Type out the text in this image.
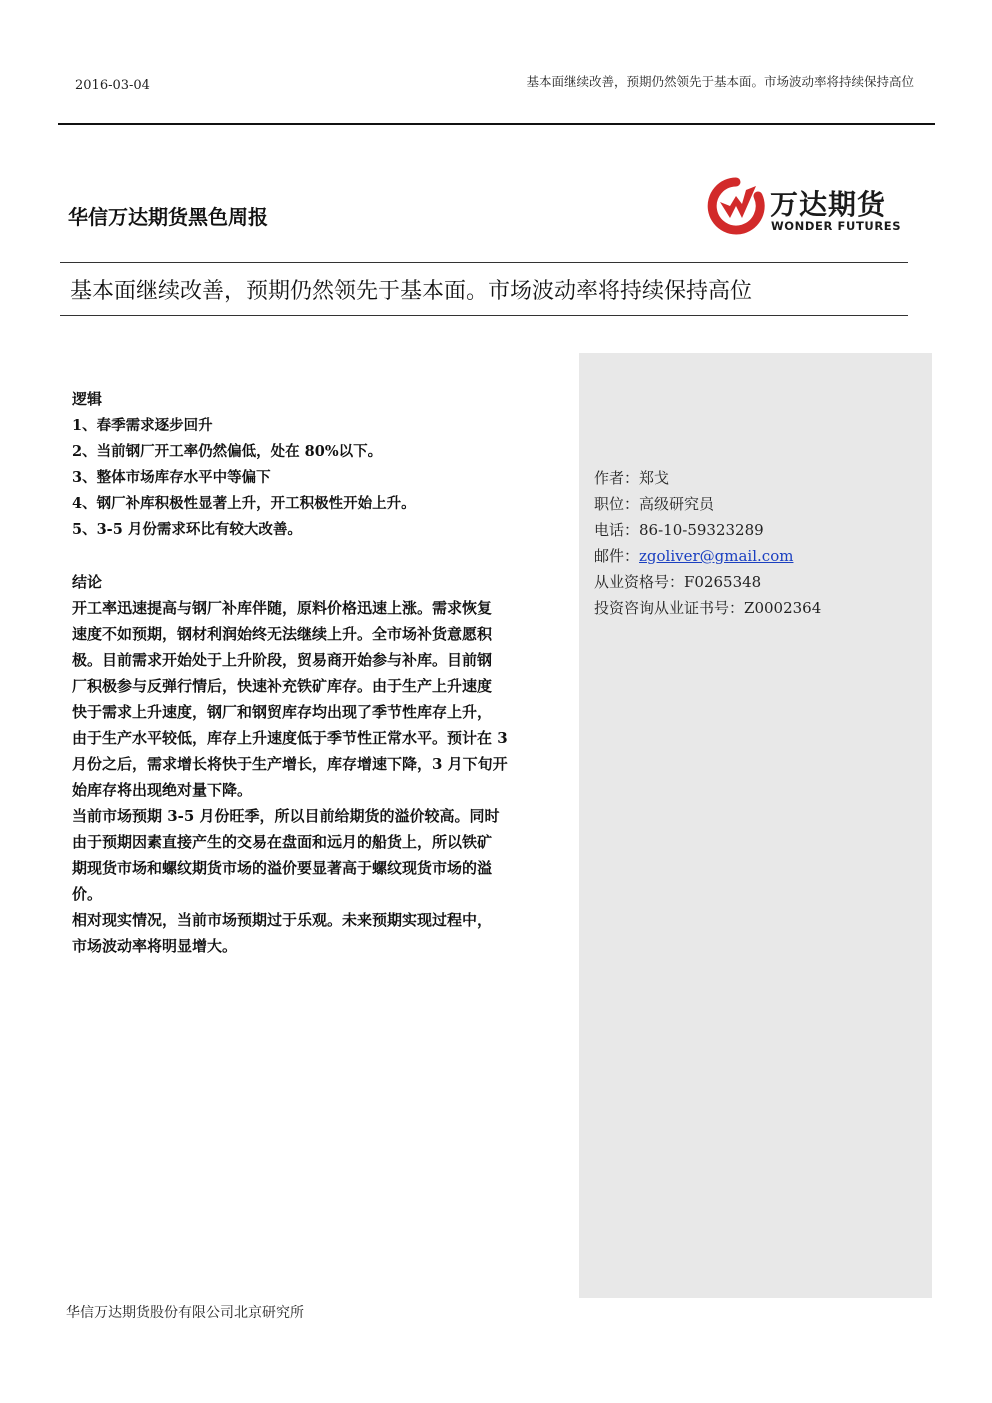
2016-03-04	基本面继续改善，预期仍然领先于基本面。市场波动率将持续保持高位
华信万达期货黑色周报	万达期货
WONDER FUTURES
基本面继续改善，预期仍然领先于基本面。市场波动率将持续保持高位
作者：郑戈
职位：高级研究员
电话：86-10-59323289
邮件：zgoliver@gmail.com
从业资格号：F0265348
投资咨询从业证书号：Z0002364
逻辑
1、春季需求逐步回升
2、当前钢厂开工率仍然偏低，处在 80%以下。
3、整体市场库存水平中等偏下
4、钢厂补库积极性显著上升，开工积极性开始上升。
5、3-5 月份需求环比有较大改善。
结论
开工率迅速提高与钢厂补库伴随，原料价格迅速上涨。需求恢复
速度不如预期，钢材利润始终无法继续上升。全市场补货意愿积
极。目前需求开始处于上升阶段，贸易商开始参与补库。目前钢
厂积极参与反弹行情后，快速补充铁矿库存。由于生产上升速度
快于需求上升速度，钢厂和钢贸库存均出现了季节性库存上升，
由于生产水平较低，库存上升速度低于季节性正常水平。预计在 3
月份之后，需求增长将快于生产增长，库存增速下降，3 月下旬开
始库存将出现绝对量下降。
当前市场预期 3-5 月份旺季，所以目前给期货的溢价较高。同时
由于预期因素直接产生的交易在盘面和远月的船货上，所以铁矿
期现货市场和螺纹期货市场的溢价要显著高于螺纹现货市场的溢
价。
相对现实情况，当前市场预期过于乐观。未来预期实现过程中，
市场波动率将明显增大。
华信万达期货股份有限公司北京研究所
